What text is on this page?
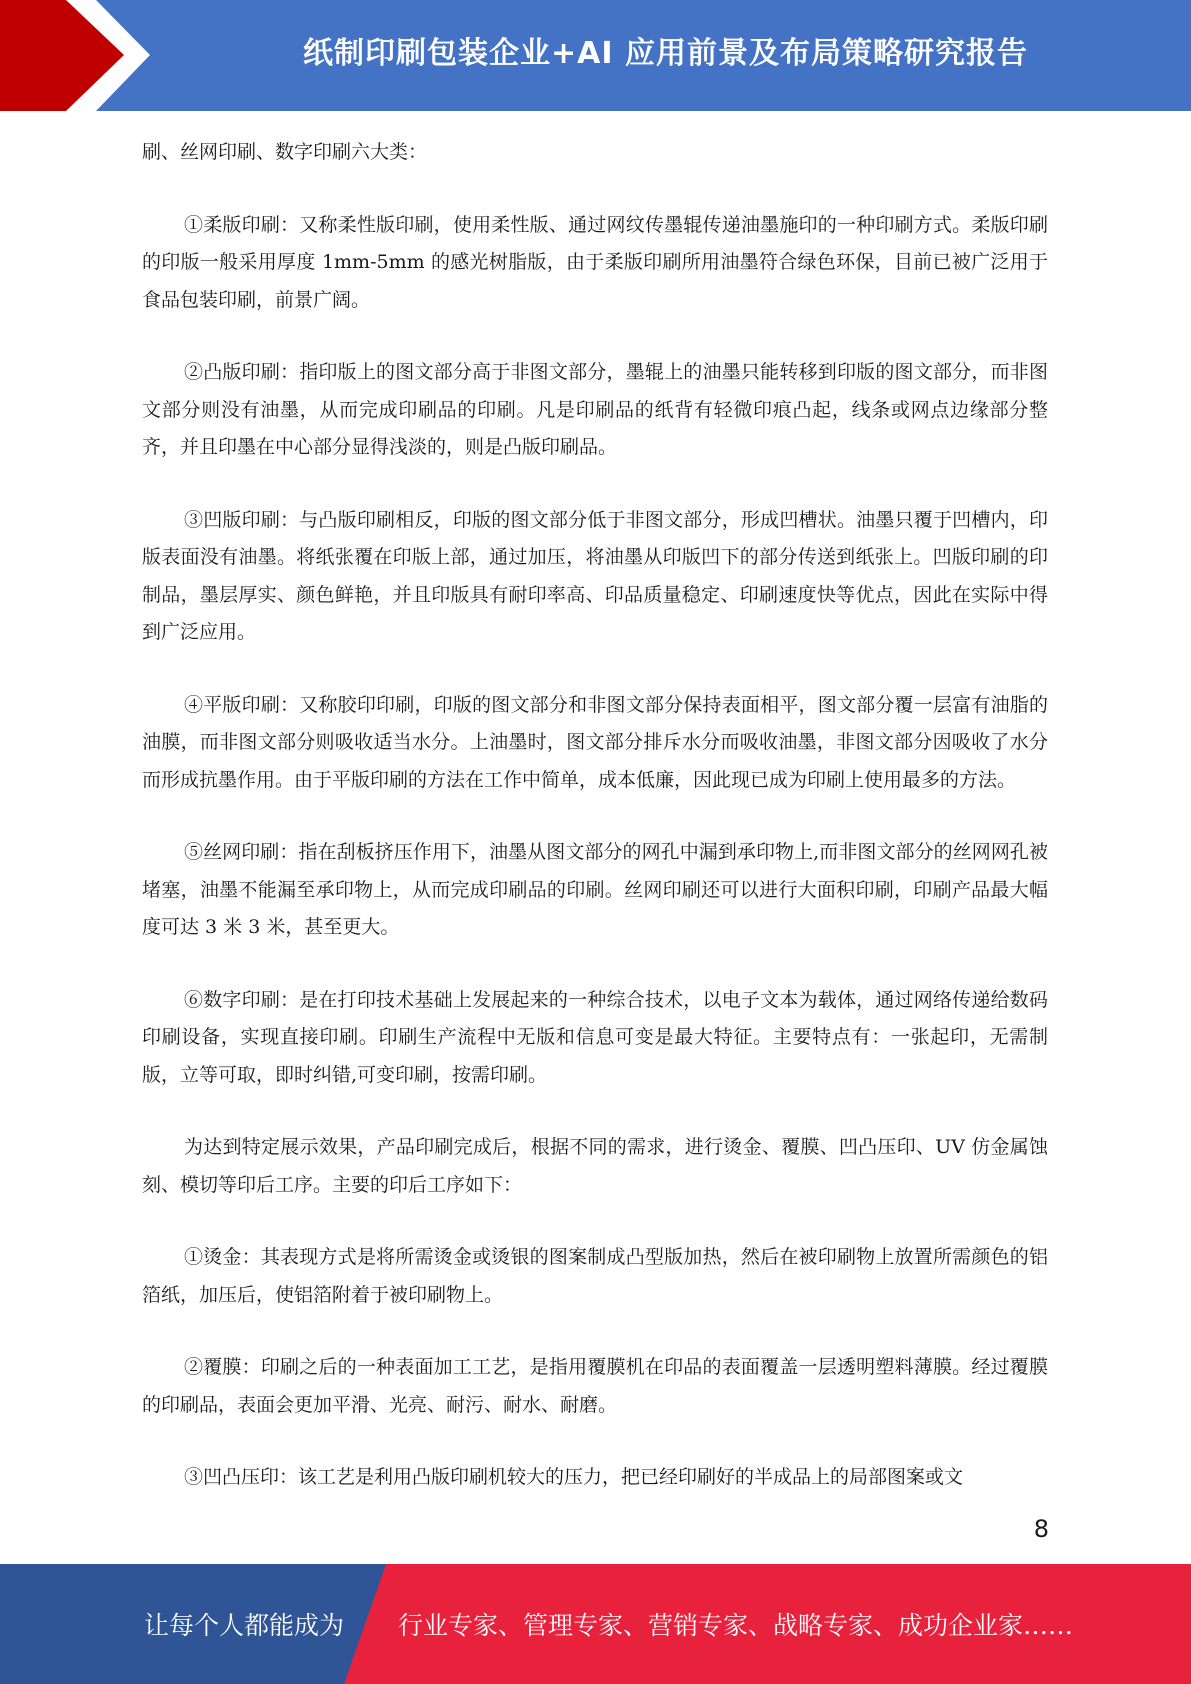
纸制印刷包装企业+AI 应用前景及布局策略研究报告

刷、丝网印刷、数字印刷六大类：

①柔版印刷：又称柔性版印刷，使用柔性版、通过网纹传墨辊传递油墨施印的一种印刷方式。柔版印刷的印版一般采用厚度 1mm-5mm 的感光树脂版，由于柔版印刷所用油墨符合绿色环保，目前已被广泛用于食品包装印刷，前景广阔。

②凸版印刷：指印版上的图文部分高于非图文部分，墨辊上的油墨只能转移到印版的图文部分，而非图文部分则没有油墨，从而完成印刷品的印刷。凡是印刷品的纸背有轻微印痕凸起，线条或网点边缘部分整齐，并且印墨在中心部分显得浅淡的，则是凸版印刷品。

③凹版印刷：与凸版印刷相反，印版的图文部分低于非图文部分，形成凹槽状。油墨只覆于凹槽内，印版表面没有油墨。将纸张覆在印版上部，通过加压，将油墨从印版凹下的部分传送到纸张上。凹版印刷的印制品，墨层厚实、颜色鲜艳，并且印版具有耐印率高、印品质量稳定、印刷速度快等优点，因此在实际中得到广泛应用。

④平版印刷：又称胶印印刷，印版的图文部分和非图文部分保持表面相平，图文部分覆一层富有油脂的油膜，而非图文部分则吸收适当水分。上油墨时，图文部分排斥水分而吸收油墨，非图文部分因吸收了水分而形成抗墨作用。由于平版印刷的方法在工作中简单，成本低廉，因此现已成为印刷上使用最多的方法。

⑤丝网印刷：指在刮板挤压作用下，油墨从图文部分的网孔中漏到承印物上,而非图文部分的丝网网孔被堵塞，油墨不能漏至承印物上，从而完成印刷品的印刷。丝网印刷还可以进行大面积印刷，印刷产品最大幅度可达 3 米 3 米，甚至更大。

⑥数字印刷：是在打印技术基础上发展起来的一种综合技术，以电子文本为载体，通过网络传递给数码印刷设备，实现直接印刷。印刷生产流程中无版和信息可变是最大特征。主要特点有：一张起印，无需制版，立等可取，即时纠错,可变印刷，按需印刷。

为达到特定展示效果，产品印刷完成后，根据不同的需求，进行烫金、覆膜、凹凸压印、UV 仿金属蚀刻、模切等印后工序。主要的印后工序如下：

①烫金：其表现方式是将所需烫金或烫银的图案制成凸型版加热，然后在被印刷物上放置所需颜色的铝箔纸，加压后，使铝箔附着于被印刷物上。

②覆膜：印刷之后的一种表面加工工艺，是指用覆膜机在印品的表面覆盖一层透明塑料薄膜。经过覆膜的印刷品，表面会更加平滑、光亮、耐污、耐水、耐磨。

③凹凸压印：该工艺是利用凸版印刷机较大的压力，把已经印刷好的半成品上的局部图案或文

8
让每个人都能成为 行业专家、管理专家、营销专家、战略专家、成功企业家……
